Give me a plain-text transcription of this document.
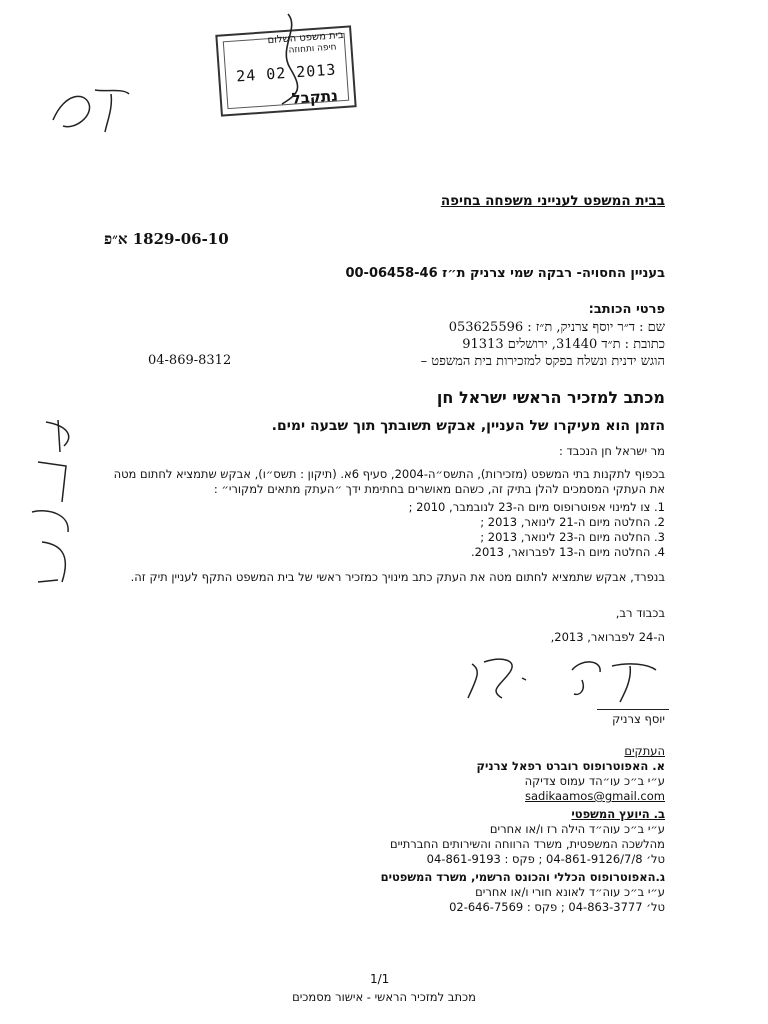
בית משפט השלום
חיפה ותחוזה
24 02 2013
נתקבל
בבית המשפט לענייני משפחה בחיפה
1829-06-10 א״פ
בעניין החסויה- רבקה שמי צרניק ת״ז 00-06458-46
פרטי הכותב:
שם : ד״ר יוסף צרניק, ת״ז : 053625596
כתובת : ת״ד 31440, ירושלים 91313
הוגש ידנית ונשלח בפקס למזכירות בית המשפט –
04-869-8312
מכתב למזכיר הראשי ישראל חן
הזמן הוא מעיקרו של העניין, אבקש תשובתך תוך שבעה ימים.
מר ישראל חן הנכבד :
בכפוף לתקנות בתי המשפט (מזכירות), התשס״ה-2004, סעיף 6א. (תיקון : תשס״ו), אבקש שתמציא לחתום מטה את העתקי המסמכים להלן בתיק זה, כשהם מאושרים בחתימת ידך ״העתק מתאים למקורי״ :
1. צו למינוי אפוטרופוס מיום ה-23 לנובמבר, 2010 ;
2. החלטה מיום ה-21 לינואר, 2013 ;
3. החלטה מיום ה-23 לינואר, 2013 ;
4. החלטה מיום ה-13 לפברואר, 2013.
בנפרד, אבקש שתמציא לחתום מטה את העתק כתב מינויך כמזכיר ראשי של בית המשפט התקף לעניין תיק זה.
בכבוד רב,
ה-24 לפברואר, 2013,
יוסף צרניק
העתקים
א. האפוטרופוס רוברט רפאל צרניק
ע״י ב״כ עו״הד עמוס צדיקה
sadikaamos@gmail.com
ב. היועץ המשפטי
ע״י ב״כ עוה״ד הילה רז ו/או אחרים
מהלשכה המשפטית, משרד הרווחה והשירותים החברתיים
טל׳ 04-861-9126/7/8 ; פקס : 04-861-9193
ג.האפוטרופוס הכללי והכונס הרשמי, משרד המשפטים
ע״י ב״כ עוה״ד לאונא חורי ו/או אחרים
טל׳ 04-863-3777 ; פקס : 02-646-7569
1/1
מכתב למזכיר הראשי - אישור מסמכים
